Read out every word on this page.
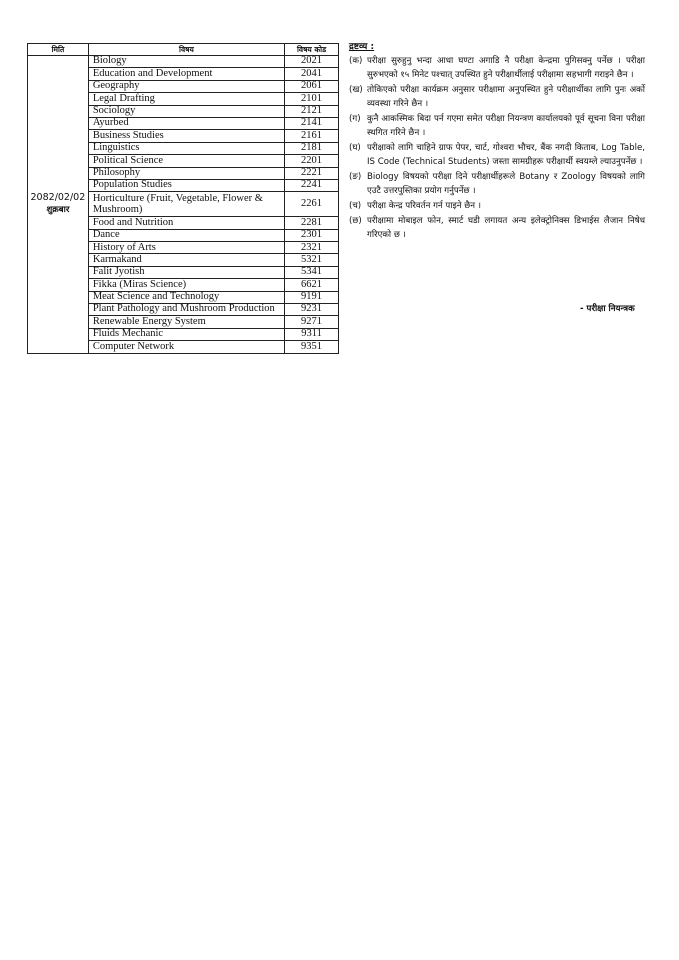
मिति	विषय	विषय कोड

2082/02/02
शुक्रबार	Biology	2021
	Education and Development	2041
	Geography	2061
	Legal Drafting	2101
	Sociology	2121
	Ayurbed	2141
	Business Studies	2161
	Linguistics	2181
	Political Science	2201
	Philosophy	2221
	Population Studies	2241
	Horticulture (Fruit, Vegetable, Flower & Mushroom)	2261
	Food and Nutrition	2281
	Dance	2301
	History of Arts	2321
	Karmakand	5321
	Falit Jyotish	5341
	Fikka (Miras Science)	6621
	Meat Science and Technology	9191
	Plant Pathology and Mushroom Production	9231
	Renewable Energy System	9271
	Fluids Mechanic	9311
	Computer Network	9351
द्रष्टव्य :
(क) परीक्षा सुरुहुनु भन्दा आधा घण्टा अगाडि नै परीक्षा केन्द्रमा पुगिसक्नु पर्नेछ । परीक्षा सुरुभएको १५ मिनेट पश्चात् उपस्थित हुने परीक्षार्थीलाई परीक्षामा सहभागी गराइने छैन ।
(ख) तोकिएको परीक्षा कार्यक्रम अनुसार परीक्षामा अनुपस्थित हुने परीक्षार्थीका लागि पुनः अर्को व्यवस्था गरिने छैन ।
(ग) कुनै आकस्मिक बिदा पर्न गएमा समेत परीक्षा नियन्त्रण कार्यालयको पूर्व सूचना विना परीक्षा स्थगित गरिने छैन ।
(घ) परीक्षाको लागि चाहिने ग्राफ पेपर, चार्ट, गोश्वरा भौचर, बैंक नगदी किताब, Log Table, IS Code (Technical Students) जस्ता सामग्रीहरू परीक्षार्थी स्वयम्ले ल्याउनुपर्नेछ ।
(ङ) Biology विषयको परीक्षा दिने परीक्षार्थीहरूले Botany र Zoology विषयको लागि एउटै उत्तरपुस्तिका प्रयोग गर्नुपर्नेछ ।
(च) परीक्षा केन्द्र परिवर्तन गर्न पाइने छैन ।
(छ) परीक्षामा मोबाइल फोन, स्मार्ट घडी लगायत अन्य इलेक्ट्रोनिक्स डिभाईस लैजान निषेध गरिएको छ ।
- परीक्षा नियन्त्रक
